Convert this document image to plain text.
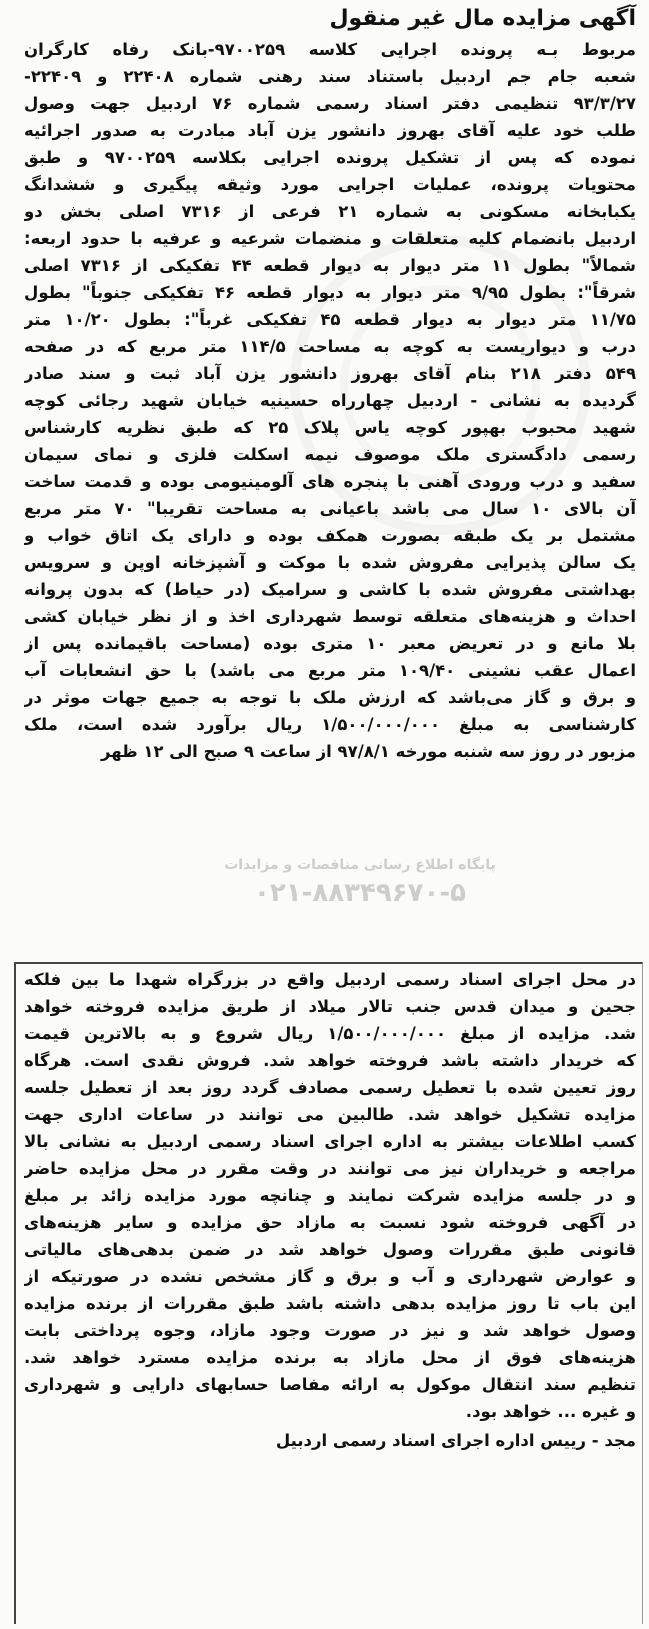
آگهی مزایده مال غیر منقول
مربوط بـه پرونده اجرایی کلاسه ۹۷۰۰۲۵۹-بانک رفاه کارگران
شعبه جام جم اردبیل باستناد سند رهنی شماره ۲۲۴۰۸ و ۲۲۴۰۹-
۹۳/۳/۲۷ تنظیمی دفتر اسناد رسمی شماره ۷۶ اردبیل جهت وصول
طلب خود علیه آقای بهروز دانشور یزن آباد مبادرت به صدور اجرائیه
نموده که پس از تشکیل پرونده اجرایی بکلاسه ۹۷۰۰۲۵۹ و طبق
محتویات پرونده، عملیات اجرایی مورد وثیقه پیگیری و ششدانگ
یکبابخانه مسکونی به شماره ۲۱ فرعی از ۷۳۱۶ اصلی بخش دو
اردبیل بانضمام کلیه متعلقات و منضمات شرعیه و عرفیه با حدود اربعه:
شمالاً" بطول ۱۱ متر دیوار به دیوار قطعه ۴۴ تفکیکی از ۷۳۱۶ اصلی
شرقاً": بطول ۹/۹۵ متر دیوار به دیوار قطعه ۴۶ تفکیکی جنوباً" بطول
۱۱/۷۵ متر دیوار به دیوار قطعه ۴۵ تفکیکی غرباً": بطول ۱۰/۲۰ متر
درب و دیواریست به کوچه به مساحت ۱۱۴/۵ متر مربع که در صفحه
۵۴۹ دفتر ۲۱۸ بنام آقای بهروز دانشور یزن آباد ثبت و سند صادر
گردیده به نشانی - اردبیل چهارراه حسینیه خیابان شهید رجائی کوچه
شهید محبوب بهپور کوچه یاس پلاک ۲۵ که طبق نظریه کارشناس
رسمی دادگستری ملک موصوف نیمه اسکلت فلزی و نمای سیمان
سفید و درب ورودی آهنی با پنجره های آلومینیومی بوده و قدمت ساخت
آن بالای ۱۰ سال می باشد باعیانی به مساحت تقریبا" ۷۰ متر مربع
مشتمل بر یک طبقه بصورت همکف بوده و دارای یک اتاق خواب و
یک سالن پذیرایی مفروش شده با موکت و آشپزخانه اوپن و سرویس
بهداشتی مفروش شده با کاشی و سرامیک (در حیاط) که بدون پروانه
احداث و هزینه‌های متعلقه توسط شهرداری اخذ و از نظر خیابان کشی
بلا مانع و در تعریض معبر ۱۰ متری بوده (مساحت باقیمانده پس از
اعمال عقب نشینی ۱۰۹/۴۰ متر مربع می باشد) با حق انشعابات آب
و برق و گاز می‌باشد که ارزش ملک با توجه به جمیع جهات موثر در
کارشناسی به مبلغ ۱/۵۰۰/۰۰۰/۰۰۰ ریال برآورد شده است، ملک
مزبور در روز سه شنبه مورخه ۹۷/۸/۱ از ساعت ۹ صبح الی ۱۲ ظهر
در محل اجرای اسناد رسمی اردبیل واقع در بزرگراه شهدا ما بین فلکه
جحین و میدان قدس جنب تالار میلاد از طریق مزایده فروخته خواهد
شد. مزایده از مبلغ ۱/۵۰۰/۰۰۰/۰۰۰ ریال شروع و به بالاترین قیمت
که خریدار داشته باشد فروخته خواهد شد. فروش نقدی است. هرگاه
روز تعیین شده با تعطیل رسمی مصادف گردد روز بعد از تعطیل جلسه
مزایده تشکیل خواهد شد. طالبین می توانند در ساعات اداری جهت
کسب اطلاعات بیشتر به اداره اجرای اسناد رسمی اردبیل به نشانی بالا
مراجعه و خریداران نیز می توانند در وقت مقرر در محل مزایده حاضر
و در جلسه مزایده شرکت نمایند و چنانچه مورد مزایده زائد بر مبلغ
در آگهی فروخته شود نسبت به مازاد حق مزایده و سایر هزینه‌های
قانونی طبق مقررات وصول خواهد شد در ضمن بدهی‌های مالیاتی
و عوارض شهرداری و آب و برق و گاز مشخص نشده در صورتیکه از
این باب تا روز مزایده بدهی داشته باشد طبق مقررات از برنده مزایده
وصول خواهد شد و نیز در صورت وجود مازاد، وجوه پرداختی بابت
هزینه‌های فوق از محل مازاد به برنده مزایده مسترد خواهد شد.
تنظیم سند انتقال موکول به ارائه مفاصا حسابهای دارایی و شهرداری
و غیره ... خواهد بود.
مجد - رییس اداره اجرای اسناد رسمی اردبیل
پایگاه اطلاع رسانی مناقصات و مزایدات
۰۲۱-۸۸۳۴۹۶۷۰-۵
